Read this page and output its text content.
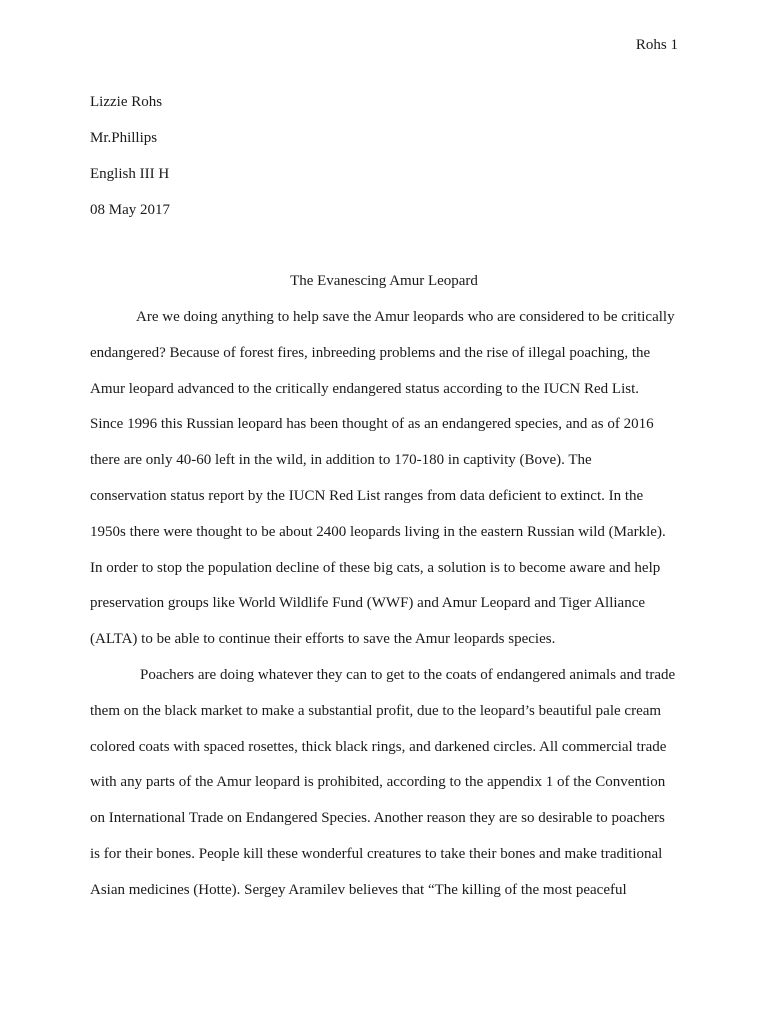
Rohs 1
Lizzie Rohs
Mr.Phillips
English III H
08 May 2017
The Evanescing Amur Leopard
Are we doing anything to help save the Amur leopards who are considered to be critically
endangered? Because of forest fires, inbreeding problems and the rise of illegal poaching, the
Amur leopard advanced to the critically endangered status according to the IUCN Red List.
Since 1996 this Russian leopard has been thought of as an endangered species, and as of 2016
there are only 40-60 left in the wild, in addition to 170-180 in captivity (Bove). The
conservation status report by the IUCN Red List ranges from data deficient to extinct. In the
1950s there were thought to be about 2400 leopards living in the eastern Russian wild (Markle).
In order to stop the population decline of these big cats, a solution is to become aware and help
preservation groups like World Wildlife Fund (WWF) and Amur Leopard and Tiger Alliance
(ALTA) to be able to continue their efforts to save the Amur leopards species.
Poachers are doing whatever they can to get to the coats of endangered animals and trade
them on the black market to make a substantial profit, due to the leopard’s beautiful pale cream
colored coats with spaced rosettes, thick black rings, and darkened circles. All commercial trade
with any parts of the Amur leopard is prohibited, according to the appendix 1 of the Convention
on International Trade on Endangered Species. Another reason they are so desirable to poachers
is for their bones. People kill these wonderful creatures to take their bones and make traditional
Asian medicines (Hotte). Sergey Aramilev believes that “The killing of the most peaceful
